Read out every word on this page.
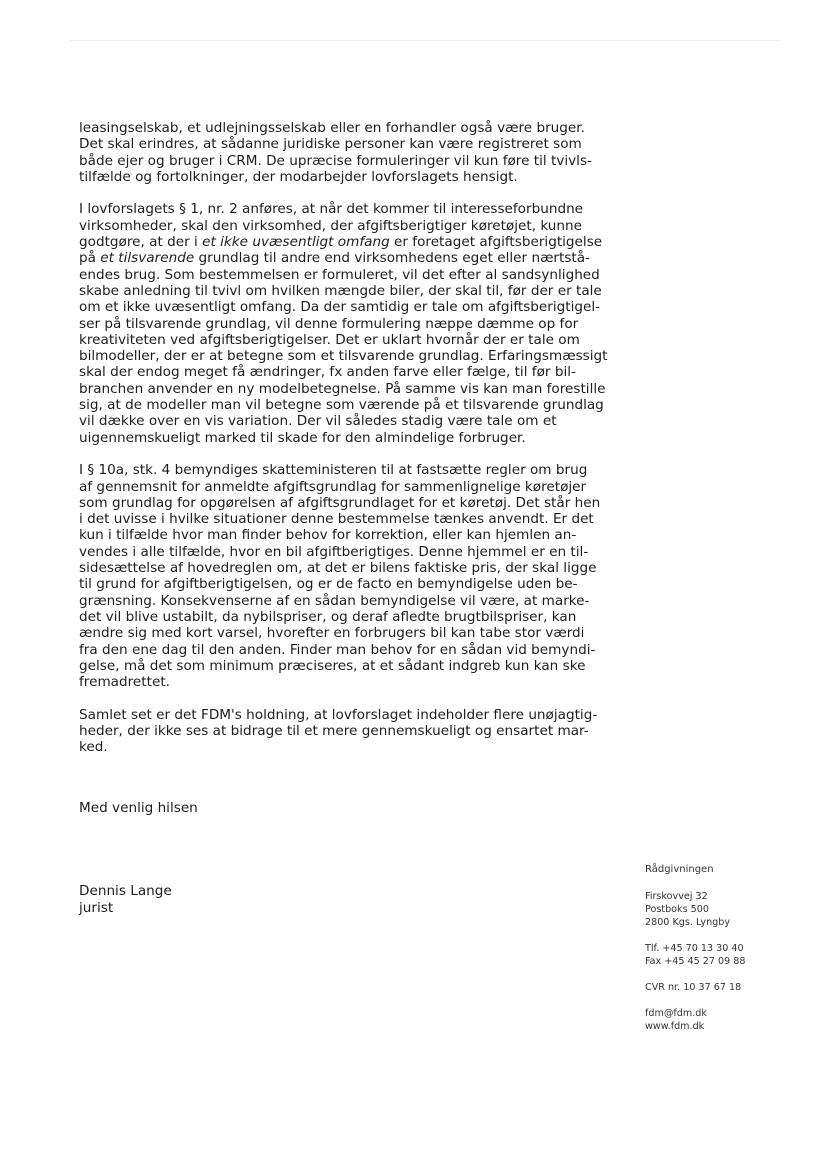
leasingselskab, et udlejningsselskab eller en forhandler også være bruger.
Det skal erindres, at sådanne juridiske personer kan være registreret som
både ejer og bruger i CRM. De upræcise formuleringer vil kun føre til tvivls-
tilfælde og fortolkninger, der modarbejder lovforslagets hensigt.

I lovforslagets § 1, nr. 2 anføres, at når det kommer til interesseforbundne
virksomheder, skal den virksomhed, der afgiftsberigtiger køretøjet, kunne
godtgøre, at der i et ikke uvæsentligt omfang er foretaget afgiftsberigtigelse
på et tilsvarende grundlag til andre end virksomhedens eget eller nærtstå-
endes brug. Som bestemmelsen er formuleret, vil det efter al sandsynlighed
skabe anledning til tvivl om hvilken mængde biler, der skal til, før der er tale
om et ikke uvæsentligt omfang. Da der samtidig er tale om afgiftsberigtigel-
ser på tilsvarende grundlag, vil denne formulering næppe dæmme op for
kreativiteten ved afgiftsberigtigelser. Det er uklart hvornår der er tale om
bilmodeller, der er at betegne som et tilsvarende grundlag. Erfaringsmæssigt
skal der endog meget få ændringer, fx anden farve eller fælge, til før bil-
branchen anvender en ny modelbetegnelse. På samme vis kan man forestille
sig, at de modeller man vil betegne som værende på et tilsvarende grundlag
vil dække over en vis variation. Der vil således stadig være tale om et
uigennemskueligt marked til skade for den almindelige forbruger.

I § 10a, stk. 4 bemyndiges skatteministeren til at fastsætte regler om brug
af gennemsnit for anmeldte afgiftsgrundlag for sammenlignelige køretøjer
som grundlag for opgørelsen af afgiftsgrundlaget for et køretøj. Det står hen
i det uvisse i hvilke situationer denne bestemmelse tænkes anvendt. Er det
kun i tilfælde hvor man finder behov for korrektion, eller kan hjemlen an-
vendes i alle tilfælde, hvor en bil afgiftberigtiges. Denne hjemmel er en til-
sidesættelse af hovedreglen om, at det er bilens faktiske pris, der skal ligge
til grund for afgiftberigtigelsen, og er de facto en bemyndigelse uden be-
grænsning. Konsekvenserne af en sådan bemyndigelse vil være, at marke-
det vil blive ustabilt, da nybilspriser, og deraf afledte brugtbilspriser, kan
ændre sig med kort varsel, hvorefter en forbrugers bil kan tabe stor værdi
fra den ene dag til den anden. Finder man behov for en sådan vid bemyndi-
gelse, må det som minimum præciseres, at et sådant indgreb kun kan ske
fremadrettet.

Samlet set er det FDM's holdning, at lovforslaget indeholder flere unøjagtig-
heder, der ikke ses at bidrage til et mere gennemskueligt og ensartet mar-
ked.

Med venlig hilsen
Dennis Lange
jurist
Rådgivningen
Firskovvej 32
Postboks 500
2800 Kgs. Lyngby
Tlf. +45 70 13 30 40
Fax +45 45 27 09 88
CVR nr. 10 37 67 18
fdm@fdm.dk
www.fdm.dk
